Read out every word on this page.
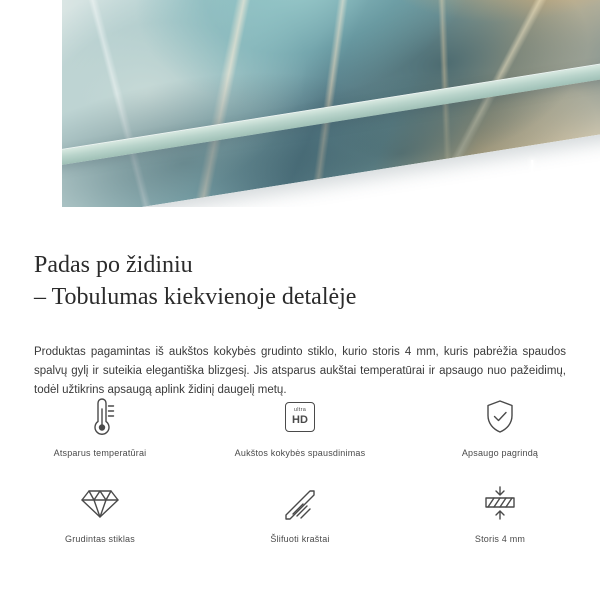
Padas po židiniu
– Tobulumas kiekvienoje detalėje

Produktas pagamintas iš aukštos kokybės grudinto stiklo, kurio storis 4 mm, kuris pabrėžia spaudos spalvų gylį ir suteikia elegantiška blizgesį. Jis atsparus aukštai temperatūrai ir apsaugo nuo pažeidimų, todėl užtikrins apsaugą aplink židinį daugelį metų.

Atsparus temperatūrai
ultra
HD
Aukštos kokybės spausdinimas	Apsaugo pagrindą
Grudintas stiklas	Šlifuoti kraštai	Storis 4 mm
